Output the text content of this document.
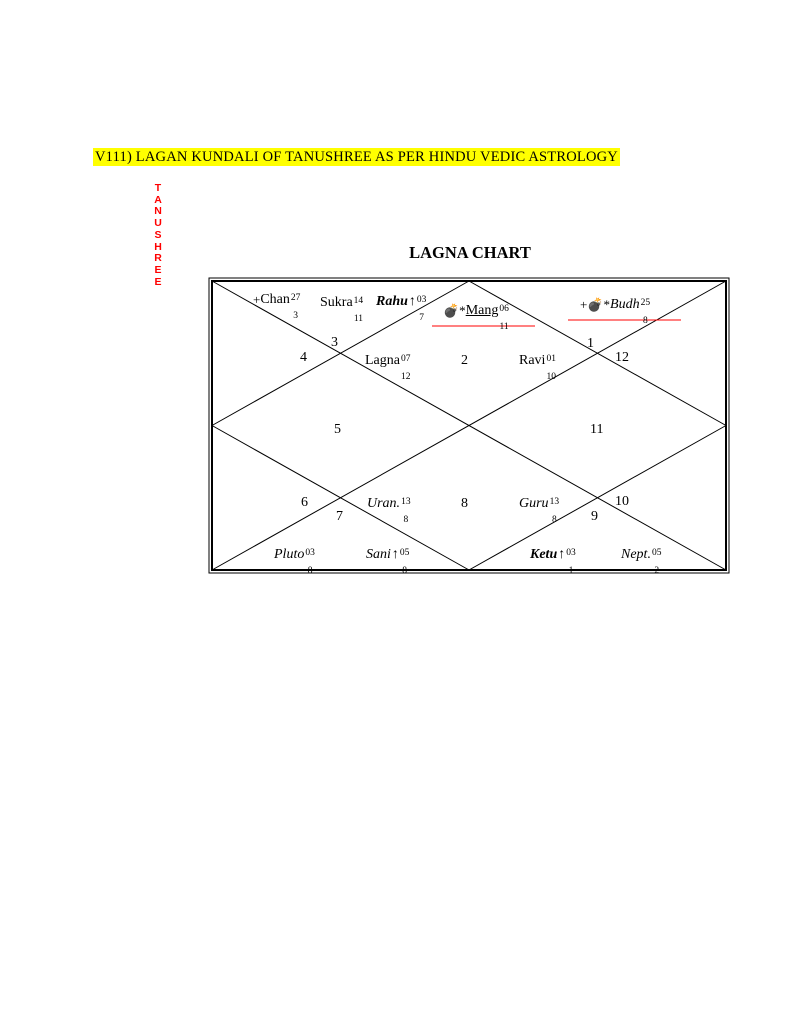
V111) LAGAN KUNDALI OF TANUSHREE AS PER HINDU VEDIC ASTROLOGY
T
A
N
U
S
H
R
E
E
LAGNA CHART
3
4	2
1
12
5	11
6
7
8
9
10
+Chan 27
3
Sukra 14
11
Rahu↑ 03
7 💣*Mang 06
11
+💣*Budh 25
8
Lagna 07
12
Ravi 01
10
Uran. 13
8
Guru 13
8
Pluto 03
8
Sani↑ 05
8
Ketu↑ 03
1
Nept. 05
2
